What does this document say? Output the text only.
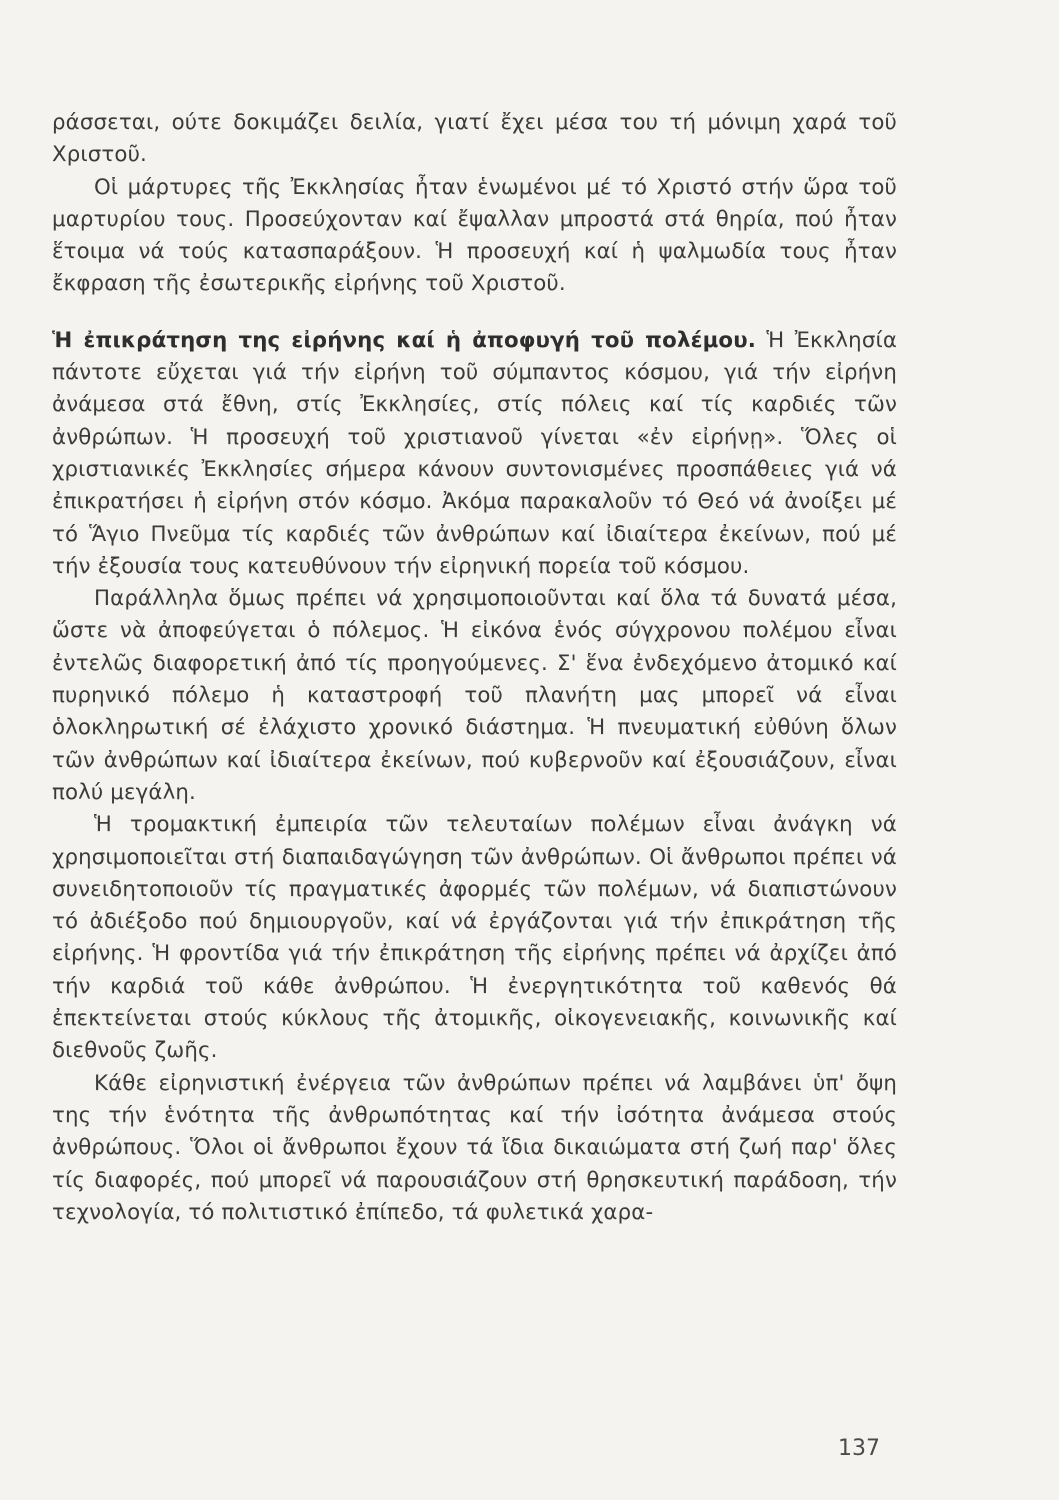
ράσσεται, ούτε δοκιμάζει δειλία, γιατί ἔχει μέσα του τή μόνιμη χαρά τοῦ Χριστοῦ.

Οἱ μάρτυρες τῆς Ἐκκλησίας ἦταν ἑνωμένοι μέ τό Χριστό στήν ὥρα τοῦ μαρτυρίου τους. Προσεύχονταν καί ἔψαλλαν μπροστά στά θηρία, πού ἦταν ἕτοιμα νά τούς κατασπαράξουν. Ἡ προσευχή καί ἡ ψαλμωδία τους ἦταν ἔκφραση τῆς ἐσωτερικῆς εἰρήνης τοῦ Χριστοῦ.

Ἡ ἐπικράτηση της εἰρήνης καί ἡ ἀποφυγή τοῦ πολέμου. Ἡ Ἐκκλησία πάντοτε εὔχεται γιά τήν εἰρήνη τοῦ σύμπαντος κόσμου, γιά τήν εἰρήνη ἀνάμεσα στά ἔθνη, στίς Ἐκκλησίες, στίς πόλεις καί τίς καρδιές τῶν ἀνθρώπων. Ἡ προσευχή τοῦ χριστιανοῦ γίνεται «ἐν εἰρήνῃ». Ὅλες οἱ χριστιανικές Ἐκκλησίες σήμερα κάνουν συντονισμένες προσπάθειες γιά νά ἐπικρατήσει ἡ εἰρήνη στόν κόσμο. Ἀκόμα παρακαλοῦν τό Θεό νά ἀνοίξει μέ τό Ἅγιο Πνεῦμα τίς καρδιές τῶν ἀνθρώπων καί ἰδιαίτερα ἐκείνων, πού μέ τήν ἐξουσία τους κατευθύνουν τήν εἰρηνική πορεία τοῦ κόσμου.

Παράλληλα ὅμως πρέπει νά χρησιμοποιοῦνται καί ὅλα τά δυνατά μέσα, ὥστε νὰ ἀποφεύγεται ὁ πόλεμος. Ἡ εἰκόνα ἑνός σύγχρονου πολέμου εἶναι ἐντελῶς διαφορετική ἀπό τίς προηγούμενες. Σ' ἕνα ἐνδεχόμενο ἀτομικό καί πυρηνικό πόλεμο ἡ καταστροφή τοῦ πλανήτη μας μπορεῖ νά εἶναι ὁλοκληρωτική σέ ἐλάχιστο χρονικό διάστημα. Ἡ πνευματική εὐθύνη ὅλων τῶν ἀνθρώπων καί ἰδιαίτερα ἐκείνων, πού κυβερνοῦν καί ἐξουσιάζουν, εἶναι πολύ μεγάλη.

Ἡ τρομακτική ἐμπειρία τῶν τελευταίων πολέμων εἶναι ἀνάγκη νά χρησιμοποιεῖται στή διαπαιδαγώγηση τῶν ἀνθρώπων. Οἱ ἄνθρωποι πρέπει νά συνειδητοποιοῦν τίς πραγματικές ἀφορμές τῶν πολέμων, νά διαπιστώνουν τό ἀδιέξοδο πού δημιουργοῦν, καί νά ἐργάζονται γιά τήν ἐπικράτηση τῆς εἰρήνης. Ἡ φροντίδα γιά τήν ἐπικράτηση τῆς εἰρήνης πρέπει νά ἀρχίζει ἀπό τήν καρδιά τοῦ κάθε ἀνθρώπου. Ἡ ἐνεργητικότητα τοῦ καθενός θά ἐπεκτείνεται στούς κύκλους τῆς ἀτομικῆς, οἰκογενειακῆς, κοινωνικῆς καί διεθνοῦς ζωῆς.

Κάθε εἰρηνιστική ἐνέργεια τῶν ἀνθρώπων πρέπει νά λαμβάνει ὑπ' ὄψη της τήν ἑνότητα τῆς ἀνθρωπότητας καί τήν ἰσότητα ἀνάμεσα στούς ἀνθρώπους. Ὅλοι οἱ ἄνθρωποι ἔχουν τά ἴδια δικαιώματα στή ζωή παρ' ὅλες τίς διαφορές, πού μπορεῖ νά παρουσιάζουν στή θρησκευτική παράδοση, τήν τεχνολογία, τό πολιτιστικό ἐπίπεδο, τά φυλετικά χαρα-

137
